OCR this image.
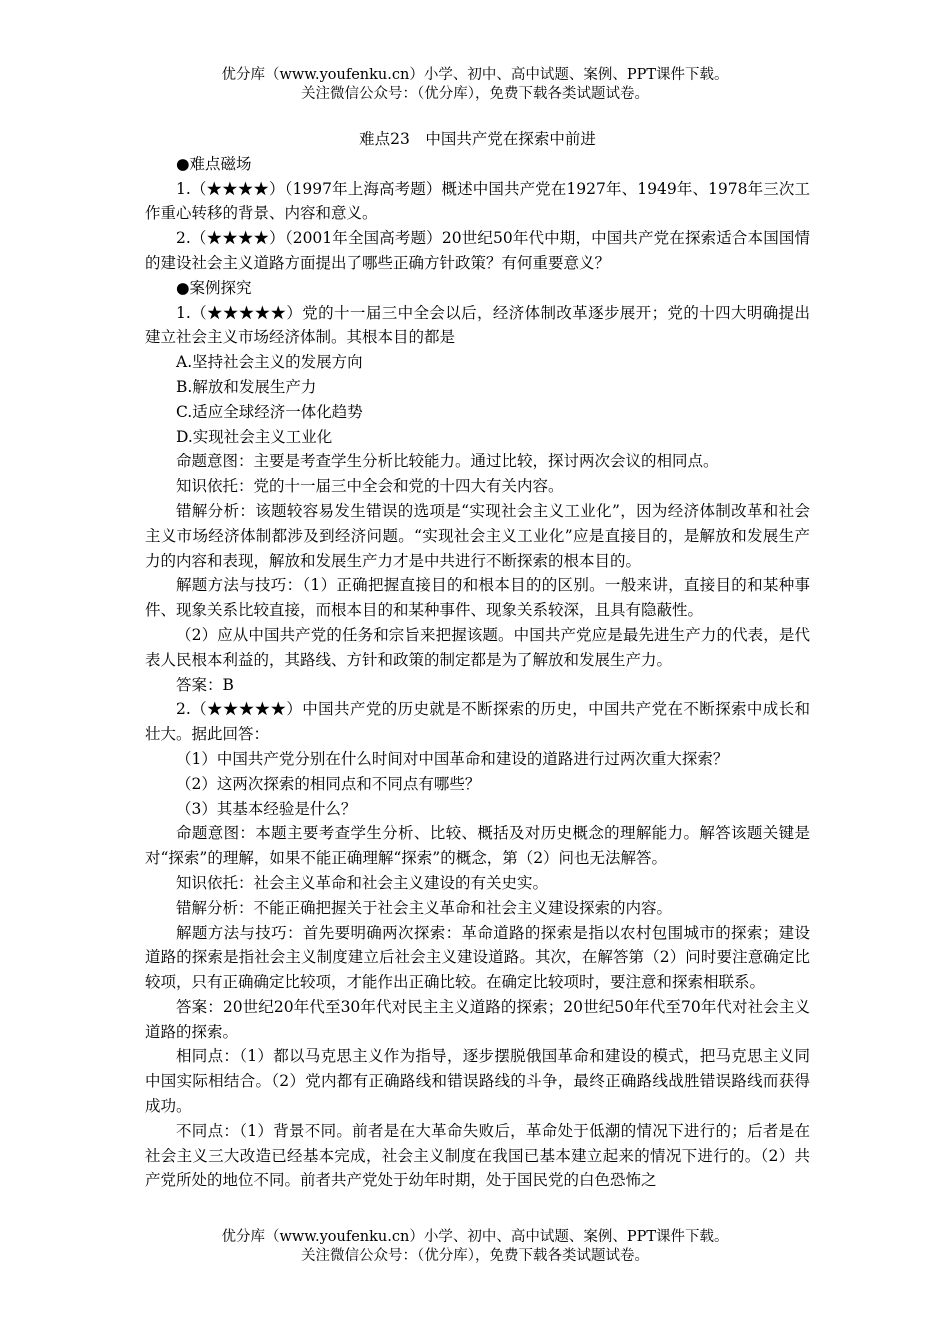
优分库（www.youfenku.cn）小学、初中、高中试题、案例、PPT课件下载。
关注微信公众号：（优分库），免费下载各类试题试卷。
难点23　中国共产党在探索中前进

●难点磁场

1.（★★★★）（1997年上海高考题）概述中国共产党在1927年、1949年、1978年三次工作重心转移的背景、内容和意义。

2.（★★★★）（2001年全国高考题）20世纪50年代中期，中国共产党在探索适合本国国情的建设社会主义道路方面提出了哪些正确方针政策？有何重要意义？

●案例探究

1.（★★★★★）党的十一届三中全会以后，经济体制改革逐步展开；党的十四大明确提出建立社会主义市场经济体制。其根本目的都是

A.坚持社会主义的发展方向

B.解放和发展生产力

C.适应全球经济一体化趋势

D.实现社会主义工业化

命题意图：主要是考查学生分析比较能力。通过比较，探讨两次会议的相同点。

知识依托：党的十一届三中全会和党的十四大有关内容。

错解分析：该题较容易发生错误的选项是“实现社会主义工业化”，因为经济体制改革和社会主义市场经济体制都涉及到经济问题。“实现社会主义工业化”应是直接目的，是解放和发展生产力的内容和表现，解放和发展生产力才是中共进行不断探索的根本目的。

解题方法与技巧：（1）正确把握直接目的和根本目的的区别。一般来讲，直接目的和某种事件、现象关系比较直接，而根本目的和某种事件、现象关系较深，且具有隐蔽性。

（2）应从中国共产党的任务和宗旨来把握该题。中国共产党应是最先进生产力的代表，是代表人民根本利益的，其路线、方针和政策的制定都是为了解放和发展生产力。

答案：B

2.（★★★★★）中国共产党的历史就是不断探索的历史，中国共产党在不断探索中成长和壮大。据此回答：

（1）中国共产党分别在什么时间对中国革命和建设的道路进行过两次重大探索？

（2）这两次探索的相同点和不同点有哪些？

（3）其基本经验是什么？

命题意图：本题主要考查学生分析、比较、概括及对历史概念的理解能力。解答该题关键是对“探索”的理解，如果不能正确理解“探索”的概念，第（2）问也无法解答。

知识依托：社会主义革命和社会主义建设的有关史实。

错解分析：不能正确把握关于社会主义革命和社会主义建设探索的内容。

解题方法与技巧：首先要明确两次探索：革命道路的探索是指以农村包围城市的探索；建设道路的探索是指社会主义制度建立后社会主义建设道路。其次，在解答第（2）问时要注意确定比较项，只有正确确定比较项，才能作出正确比较。在确定比较项时，要注意和探索相联系。

答案：20世纪20年代至30年代对民主主义道路的探索；20世纪50年代至70年代对社会主义道路的探索。

相同点：（1）都以马克思主义作为指导，逐步摆脱俄国革命和建设的模式，把马克思主义同中国实际相结合。（2）党内都有正确路线和错误路线的斗争，最终正确路线战胜错误路线而获得成功。

不同点：（1）背景不同。前者是在大革命失败后，革命处于低潮的情况下进行的；后者是在社会主义三大改造已经基本完成，社会主义制度在我国已基本建立起来的情况下进行的。（2）共产党所处的地位不同。前者共产党处于幼年时期，处于国民党的白色恐怖之

优分库（www.youfenku.cn）小学、初中、高中试题、案例、PPT课件下载。
关注微信公众号：（优分库），免费下载各类试题试卷。
